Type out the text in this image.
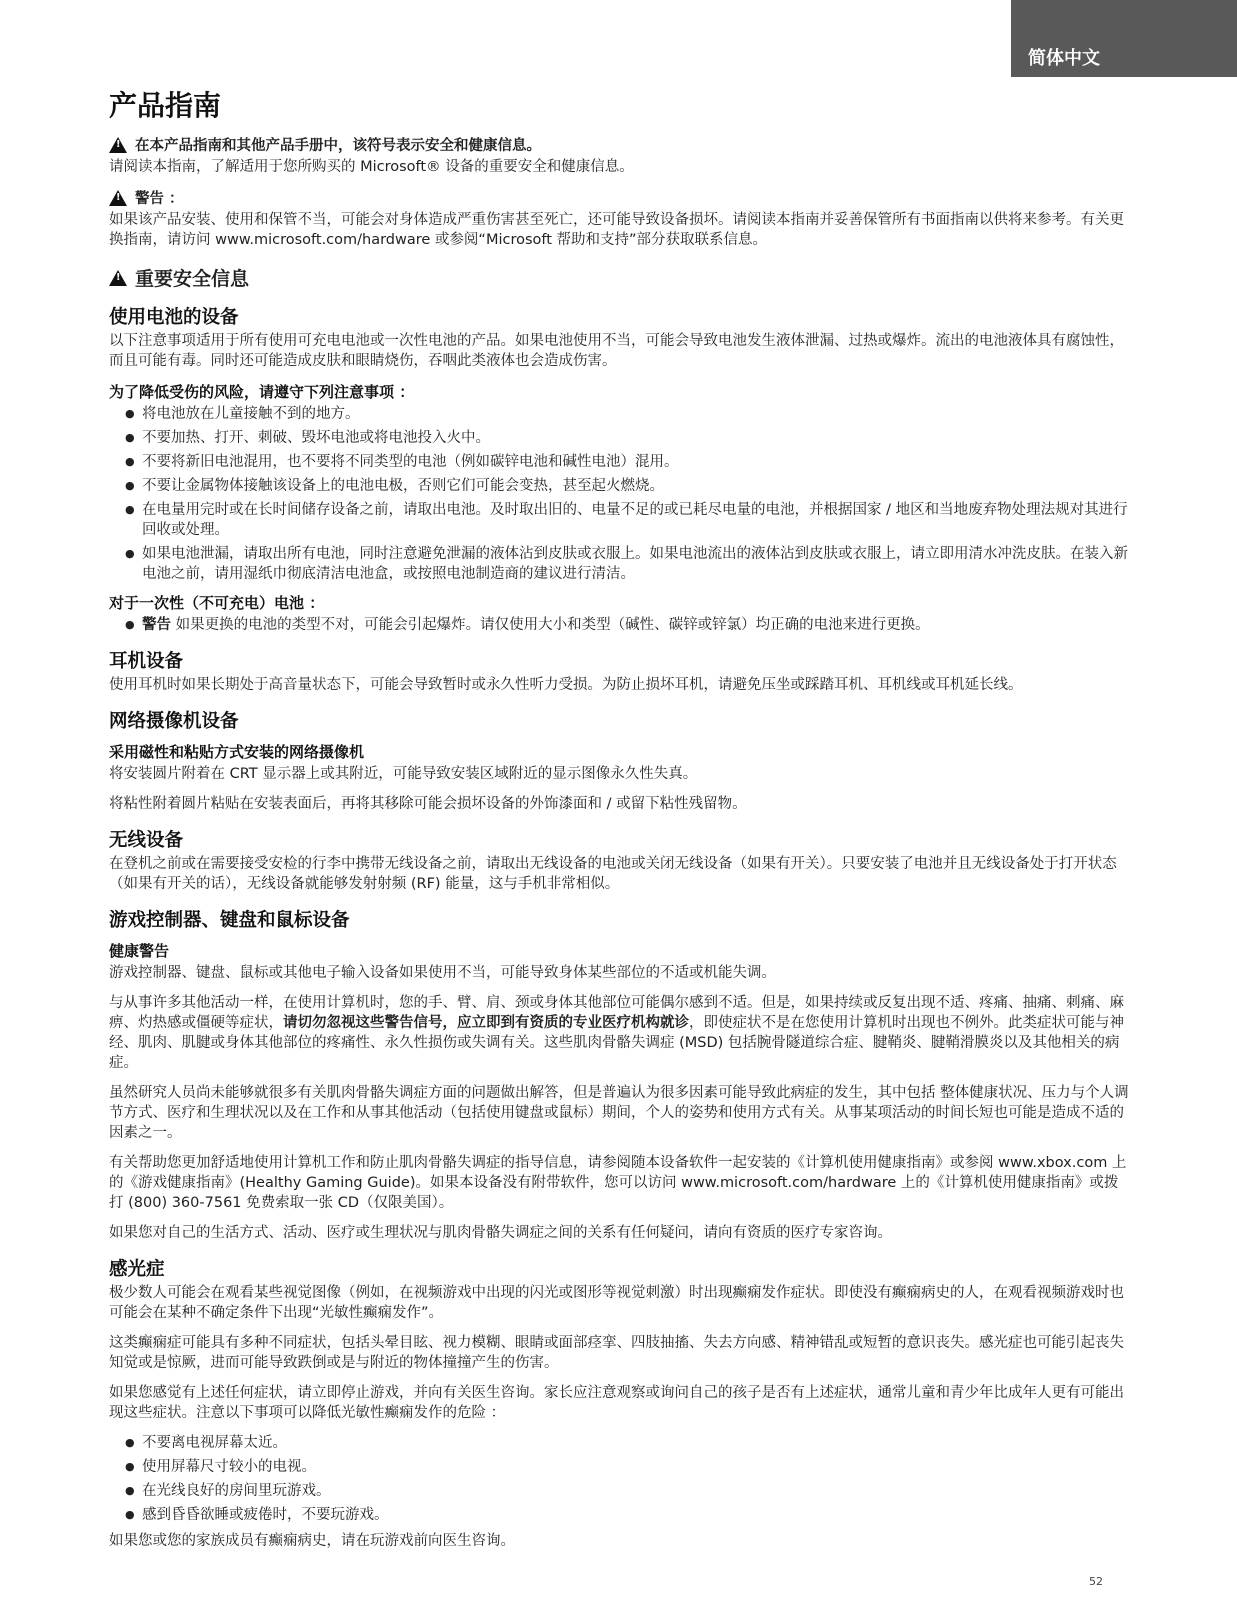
简体中文
产品指南
!
在本产品指南和其他产品手册中，该符号表示安全和健康信息。

请阅读本指南，了解适用于您所购买的 Microsoft® 设备的重要安全和健康信息。

!
警告 ：

如果该产品安装、使用和保管不当，可能会对身体造成严重伤害甚至死亡，还可能导致设备损坏。请阅读本指南并妥善保管所有书面指南以供将来参考。有关更换指南，请访问 www.microsoft.com/hardware 或参阅“Microsoft 帮助和支持”部分获取联系信息。

!
重要安全信息
使用电池的设备

以下注意事项适用于所有使用可充电电池或一次性电池的产品。如果电池使用不当，可能会导致电池发生液体泄漏、过热或爆炸。流出的电池液体具有腐蚀性，而且可能有毒。同时还可能造成皮肤和眼睛烧伤，吞咽此类液体也会造成伤害。

为了降低受伤的风险，请遵守下列注意事项 ：
● 将电池放在儿童接触不到的地方。
● 不要加热、打开、刺破、毁坏电池或将电池投入火中。
● 不要将新旧电池混用，也不要将不同类型的电池（例如碳锌电池和碱性电池）混用。
● 不要让金属物体接触该设备上的电池电极，否则它们可能会变热，甚至起火燃烧。
● 在电量用完时或在长时间储存设备之前，请取出电池。及时取出旧的、电量不足的或已耗尽电量的电池，并根据国家 / 地区和当地废弃物处理法规对其进行回收或处理。
● 如果电池泄漏，请取出所有电池，同时注意避免泄漏的液体沾到皮肤或衣服上。如果电池流出的液体沾到皮肤或衣服上，请立即用清水冲洗皮肤。在装入新电池之前，请用湿纸巾彻底清洁电池盒，或按照电池制造商的建议进行清洁。
对于一次性（不可充电）电池 ：
● 警告 如果更换的电池的类型不对，可能会引起爆炸。请仅使用大小和类型（碱性、碳锌或锌氯）均正确的电池来进行更换。
耳机设备

使用耳机时如果长期处于高音量状态下，可能会导致暂时或永久性听力受损。为防止损坏耳机，请避免压坐或踩踏耳机、耳机线或耳机延长线。

网络摄像机设备
采用磁性和粘贴方式安装的网络摄像机

将安装圆片附着在 CRT 显示器上或其附近，可能导致安装区域附近的显示图像永久性失真。

将粘性附着圆片粘贴在安装表面后，再将其移除可能会损坏设备的外饰漆面和 / 或留下粘性残留物。

无线设备

在登机之前或在需要接受安检的行李中携带无线设备之前，请取出无线设备的电池或关闭无线设备（如果有开关）。只要安装了电池并且无线设备处于打开状态（如果有开关的话），无线设备就能够发射射频 (RF) 能量，这与手机非常相似。

游戏控制器、键盘和鼠标设备
健康警告

游戏控制器、键盘、鼠标或其他电子输入设备如果使用不当，可能导致身体某些部位的不适或机能失调。

与从事许多其他活动一样，在使用计算机时，您的手、臂、肩、颈或身体其他部位可能偶尔感到不适。但是，如果持续或反复出现不适、疼痛、抽痛、刺痛、麻痹、灼热感或僵硬等症状，请切勿忽视这些警告信号，应立即到有资质的专业医疗机构就诊，即使症状不是在您使用计算机时出现也不例外。此类症状可能与神经、肌肉、肌腱或身体其他部位的疼痛性、永久性损伤或失调有关。这些肌肉骨骼失调症 (MSD) 包括腕骨隧道综合症、腱鞘炎、腱鞘滑膜炎以及其他相关的病症。

虽然研究人员尚未能够就很多有关肌肉骨骼失调症方面的问题做出解答，但是普遍认为很多因素可能导致此病症的发生，其中包括 整体健康状况、压力与个人调节方式、医疗和生理状况以及在工作和从事其他活动（包括使用键盘或鼠标）期间，个人的姿势和使用方式有关。从事某项活动的时间长短也可能是造成不适的因素之一。

有关帮助您更加舒适地使用计算机工作和防止肌肉骨骼失调症的指导信息，请参阅随本设备软件一起安装的《计算机使用健康指南》或参阅 www.xbox.com 上的《游戏健康指南》(Healthy Gaming Guide)。如果本设备没有附带软件，您可以访问 www.microsoft.com/hardware 上的《计算机使用健康指南》或拨打 (800) 360-7561 免费索取一张 CD（仅限美国）。

如果您对自己的生活方式、活动、医疗或生理状况与肌肉骨骼失调症之间的关系有任何疑问，请向有资质的医疗专家咨询。

感光症

极少数人可能会在观看某些视觉图像（例如，在视频游戏中出现的闪光或图形等视觉刺激）时出现癫痫发作症状。即使没有癫痫病史的人，在观看视频游戏时也可能会在某种不确定条件下出现“光敏性癫痫发作”。

这类癫痫症可能具有多种不同症状，包括头晕目眩、视力模糊、眼睛或面部痉挛、四肢抽搐、失去方向感、精神错乱或短暂的意识丧失。感光症也可能引起丧失知觉或是惊厥，进而可能导致跌倒或是与附近的物体撞撞产生的伤害。

如果您感觉有上述任何症状，请立即停止游戏，并向有关医生咨询。家长应注意观察或询问自己的孩子是否有上述症状，通常儿童和青少年比成年人更有可能出现这些症状。注意以下事项可以降低光敏性癫痫发作的危险 ：

● 不要离电视屏幕太近。
● 使用屏幕尺寸较小的电视。
● 在光线良好的房间里玩游戏。
● 感到昏昏欲睡或疲倦时，不要玩游戏。

如果您或您的家族成员有癫痫病史，请在玩游戏前向医生咨询。

52
